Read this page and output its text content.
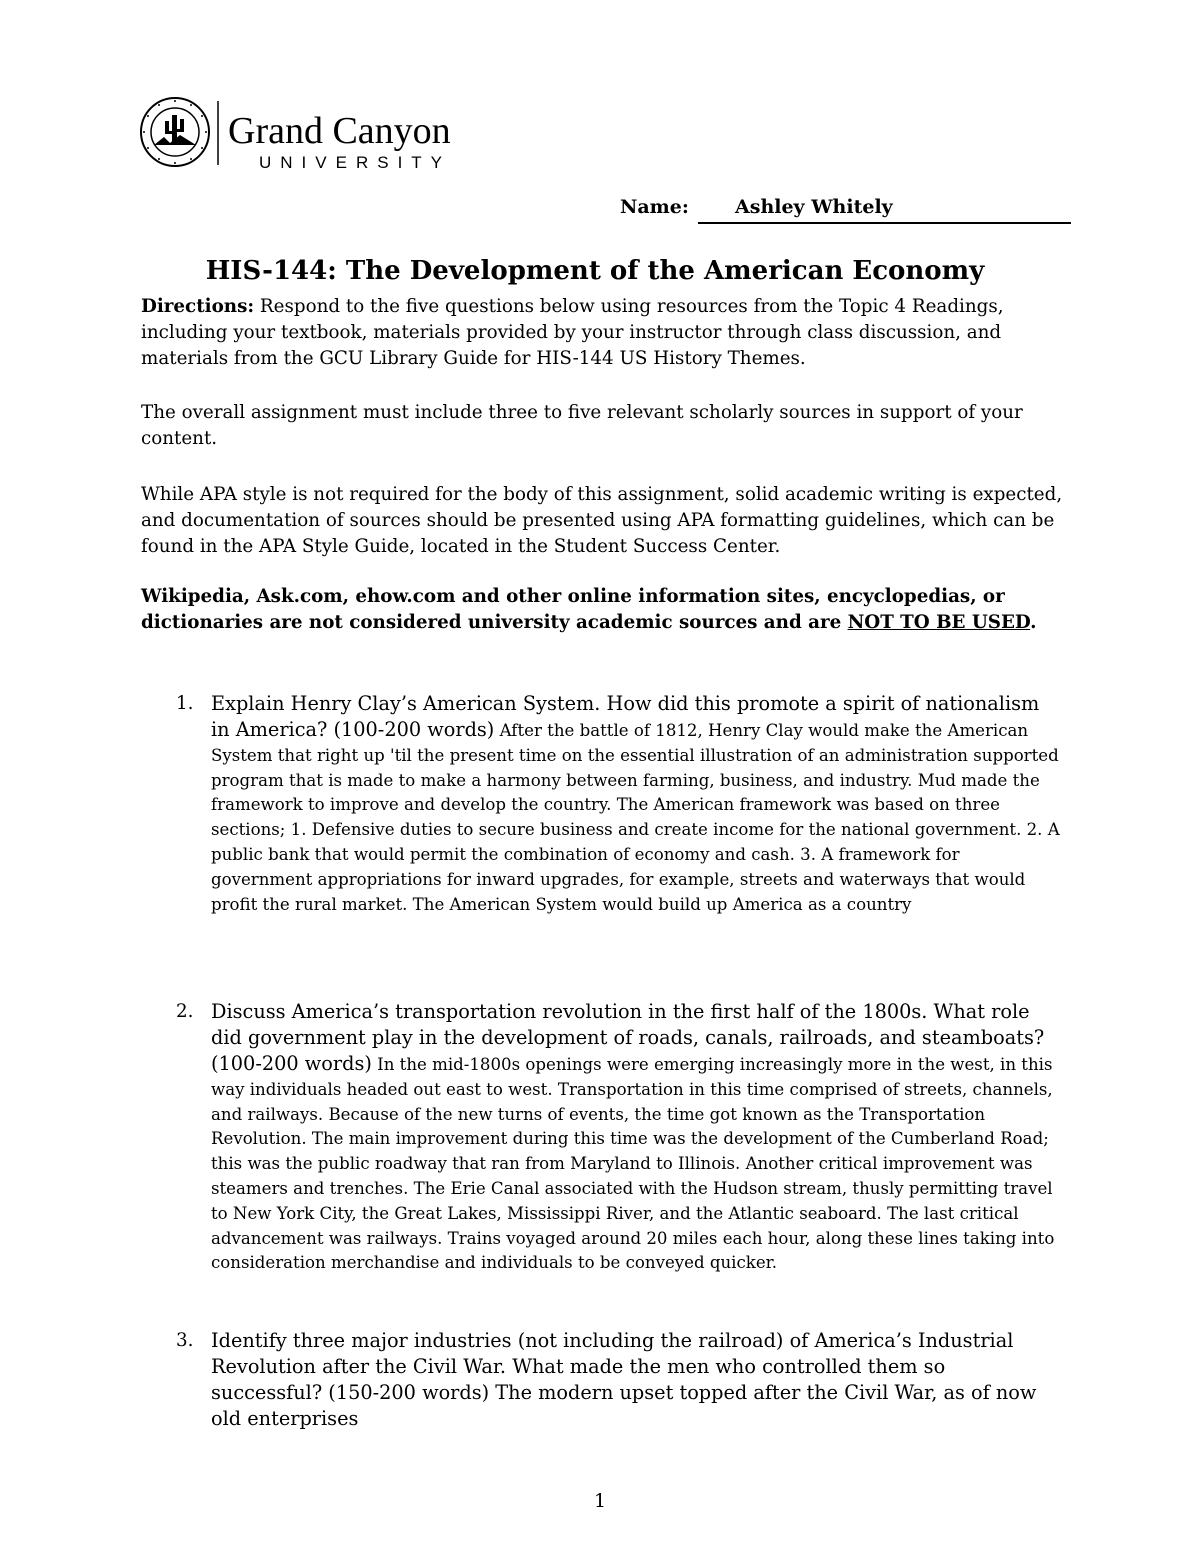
Grand Canyon
UNIVERSITY
Name: Ashley Whitely
HIS-144: The Development of the American Economy
Directions: Respond to the five questions below using resources from the Topic 4 Readings, including your textbook, materials provided by your instructor through class discussion, and materials from the GCU Library Guide for HIS-144 US History Themes.
The overall assignment must include three to five relevant scholarly sources in support of your content.
While APA style is not required for the body of this assignment, solid academic writing is expected, and documentation of sources should be presented using APA formatting guidelines, which can be found in the APA Style Guide, located in the Student Success Center.
Wikipedia, Ask.com, ehow.com and other online information sites, encyclopedias, or dictionaries are not considered university academic sources and are NOT TO BE USED.
1. Explain Henry Clay’s American System. How did this promote a spirit of nationalism in America? (100-200 words) After the battle of 1812, Henry Clay would make the American System that right up 'til the present time on the essential illustration of an administration supported program that is made to make a harmony between farming, business, and industry. Mud made the framework to improve and develop the country. The American framework was based on three sections; 1. Defensive duties to secure business and create income for the national government. 2. A public bank that would permit the combination of economy and cash. 3. A framework for government appropriations for inward upgrades, for example, streets and waterways that would profit the rural market. The American System would build up America as a country
2. Discuss America’s transportation revolution in the first half of the 1800s. What role did government play in the development of roads, canals, railroads, and steamboats? (100-200 words) In the mid-1800s openings were emerging increasingly more in the west, in this way individuals headed out east to west. Transportation in this time comprised of streets, channels, and railways. Because of the new turns of events, the time got known as the Transportation Revolution. The main improvement during this time was the development of the Cumberland Road; this was the public roadway that ran from Maryland to Illinois. Another critical improvement was steamers and trenches. The Erie Canal associated with the Hudson stream, thusly permitting travel to New York City, the Great Lakes, Mississippi River, and the Atlantic seaboard. The last critical advancement was railways. Trains voyaged around 20 miles each hour, along these lines taking into consideration merchandise and individuals to be conveyed quicker.
3. Identify three major industries (not including the railroad) of America’s Industrial Revolution after the Civil War. What made the men who controlled them so successful? (150-200 words) The modern upset topped after the Civil War, as of now old enterprises
1
